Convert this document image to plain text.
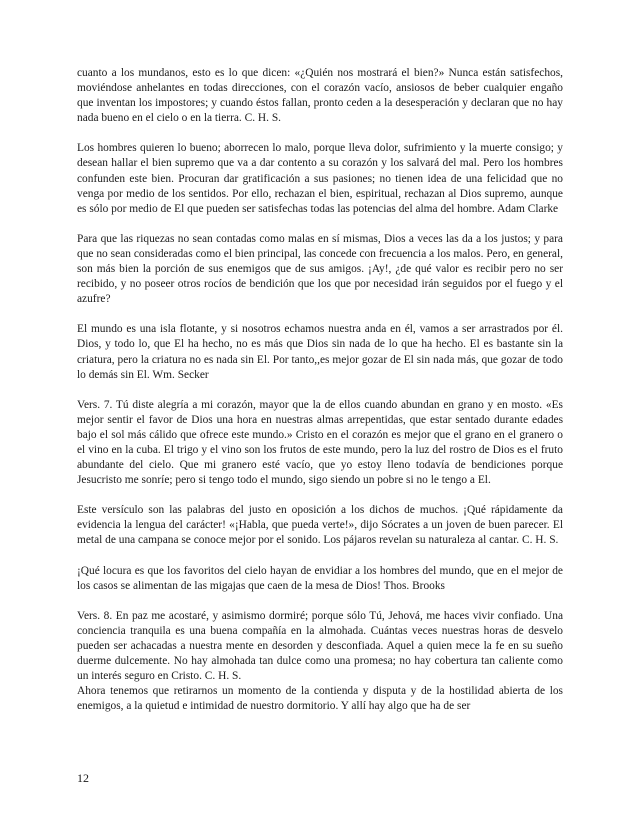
cuanto a los mundanos, esto es lo que dicen: «¿Quién nos mostrará el bien?» Nunca están satisfechos, moviéndose anhelantes en todas direcciones, con el corazón vacío, ansiosos de beber cualquier engaño que inventan los impostores; y cuando éstos fallan, pronto ceden a la desesperación y declaran que no hay nada bueno en el cielo o en la tierra. C. H. S.

Los hombres quieren lo bueno; aborrecen lo malo, porque lleva dolor, sufrimiento y la muerte consigo; y desean hallar el bien supremo que va a dar contento a su corazón y los salvará del mal. Pero los hombres confunden este bien. Procuran dar gratificación a sus pasiones; no tienen idea de una felicidad que no venga por medio de los sentidos. Por ello, rechazan el bien, espiritual, rechazan al Dios supremo, aunque es sólo por medio de El que pueden ser satisfechas todas las potencias del alma del hombre. Adam Clarke

Para que las riquezas no sean contadas como malas en sí mismas, Dios a veces las da a los justos; y para que no sean consideradas como el bien principal, las concede con frecuencia a los malos. Pero, en general, son más bien la porción de sus enemigos que de sus amigos. ¡Ay!, ¿de qué valor es recibir pero no ser recibido, y no poseer otros rocíos de bendición que los que por necesidad irán seguidos por el fuego y el azufre?

El mundo es una isla flotante, y si nosotros echamos nuestra anda en él, vamos a ser arrastrados por él. Dios, y todo lo, que El ha hecho, no es más que Dios sin nada de lo que ha hecho. El es bastante sin la criatura, pero la criatura no es nada sin El. Por tanto,,es mejor gozar de El sin nada más, que gozar de todo lo demás sin El. Wm. Secker

Vers. 7. Tú diste alegría a mi corazón, mayor que la de ellos cuando abundan en grano y en mosto. «Es mejor sentir el favor de Dios una hora en nuestras almas arrepentidas, que estar sentado durante edades bajo el sol más cálido que ofrece este mundo.» Cristo en el corazón es mejor que el grano en el granero o el vino en la cuba. El trigo y el vino son los frutos de este mundo, pero la luz del rostro de Dios es el fruto abundante del cielo. Que mi granero esté vacío, que yo estoy lleno todavía de bendiciones porque Jesucristo me sonríe; pero si tengo todo el mundo, sigo siendo un pobre si no le tengo a El.

Este versículo son las palabras del justo en oposición a los dichos de muchos. ¡Qué rápidamente da evidencia la lengua del carácter! «¡Habla, que pueda verte!», dijo Sócrates a un joven de buen parecer. El metal de una campana se conoce mejor por el sonido. Los pájaros revelan su naturaleza al cantar. C. H. S.

¡Qué locura es que los favoritos del cielo hayan de envidiar a los hombres del mundo, que en el mejor de los casos se alimentan de las migajas que caen de la mesa de Dios! Thos. Brooks

Vers. 8. En paz me acostaré, y asimismo dormiré; porque sólo Tú, Jehová, me haces vivir confiado. Una conciencia tranquila es una buena compañía en la almohada. Cuántas veces nuestras horas de desvelo pueden ser achacadas a nuestra mente en desorden y desconfiada. Aquel a quien mece la fe en su sueño duerme dulcemente. No hay almohada tan dulce como una promesa; no hay cobertura tan caliente como un interés seguro en Cristo. C. H. S.

Ahora tenemos que retirarnos un momento de la contienda y disputa y de la hostilidad abierta de los enemigos, a la quietud e intimidad de nuestro dormitorio. Y allí hay algo que ha de ser

12
